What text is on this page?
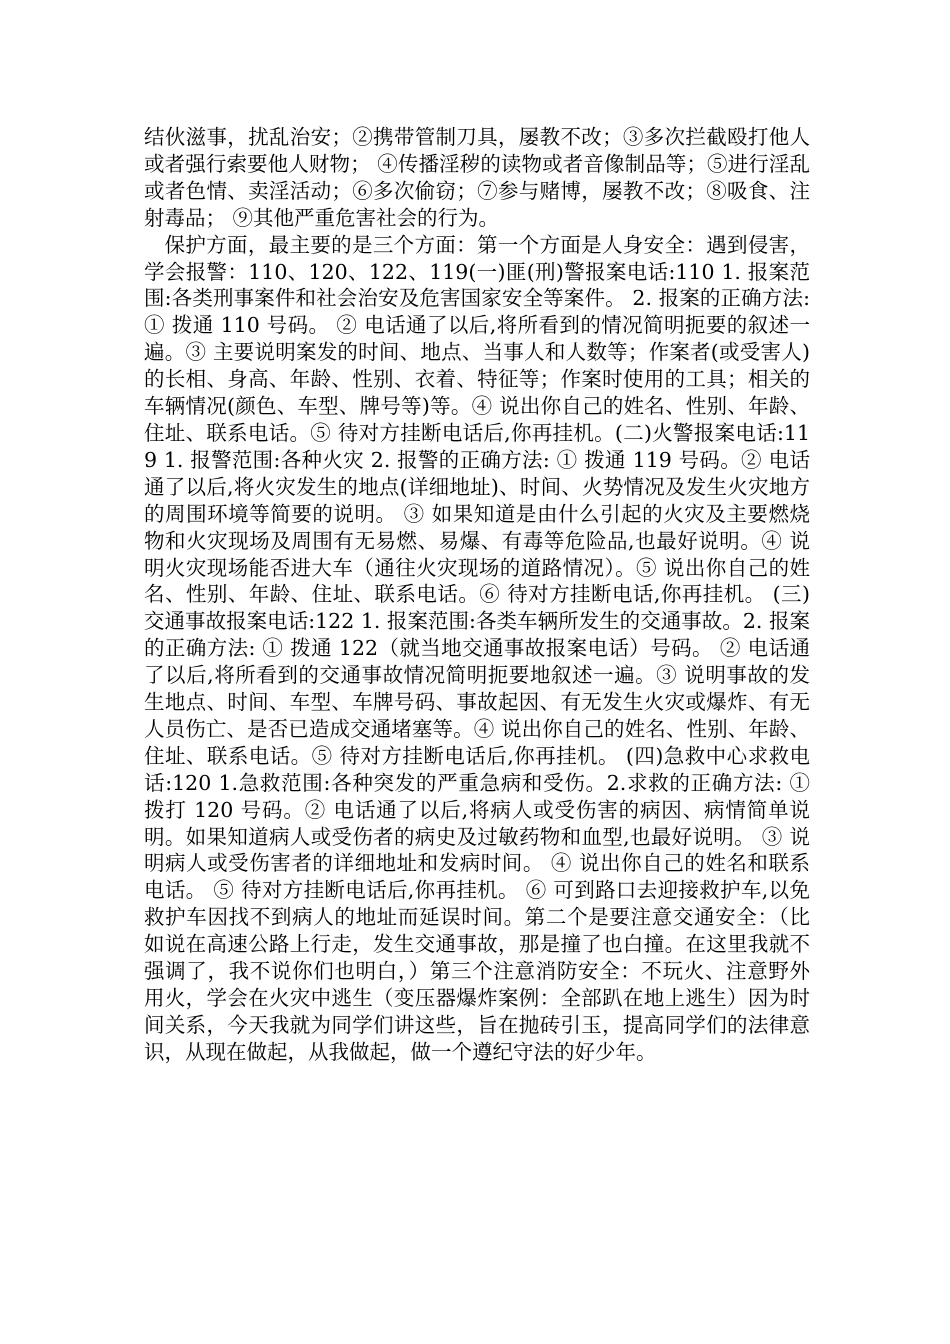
结伙滋事，扰乱治安；②携带管制刀具，屡教不改；③多次拦截殴打他人或者强行索要他人财物； ④传播淫秽的读物或者音像制品等；⑤进行淫乱或者色情、卖淫活动；⑥多次偷窃；⑦参与赌博，屡教不改；⑧吸食、注射毒品； ⑨其他严重危害社会的行为。

保护方面，最主要的是三个方面：第一个方面是人身安全：遇到侵害，学会报警：110、120、122、119(一)匪(刑)警报案电话:110 1. 报案范围:各类刑事案件和社会治安及危害国家安全等案件。 2. 报案的正确方法: ① 拨通 110 号码。 ② 电话通了以后,将所看到的情况简明扼要的叙述一遍。③ 主要说明案发的时间、地点、当事人和人数等；作案者(或受害人)的长相、身高、年龄、性别、衣着、特征等；作案时使用的工具；相关的车辆情况(颜色、车型、牌号等)等。④ 说出你自己的姓名、性别、年龄、住址、联系电话。⑤ 待对方挂断电话后,你再挂机。(二)火警报案电话:119 1. 报警范围:各种火灾 2. 报警的正确方法: ① 拨通 119 号码。② 电话通了以后,将火灾发生的地点(详细地址)、时间、火势情况及发生火灾地方的周围环境等简要的说明。 ③ 如果知道是由什么引起的火灾及主要燃烧物和火灾现场及周围有无易燃、易爆、有毒等危险品,也最好说明。④ 说明火灾现场能否进大车（通往火灾现场的道路情况）。⑤ 说出你自己的姓名、性别、年龄、住址、联系电话。⑥ 待对方挂断电话,你再挂机。 (三)交通事故报案电话:122 1. 报案范围:各类车辆所发生的交通事故。2. 报案的正确方法: ① 拨通 122（就当地交通事故报案电话）号码。 ② 电话通了以后,将所看到的交通事故情况简明扼要地叙述一遍。③ 说明事故的发生地点、时间、车型、车牌号码、事故起因、有无发生火灾或爆炸、有无人员伤亡、是否已造成交通堵塞等。④ 说出你自己的姓名、性别、年龄、住址、联系电话。⑤ 待对方挂断电话后,你再挂机。 (四)急救中心求救电话:120 1.急救范围:各种突发的严重急病和受伤。2.求救的正确方法: ① 拨打 120 号码。② 电话通了以后,将病人或受伤害的病因、病情简单说明。如果知道病人或受伤者的病史及过敏药物和血型,也最好说明。 ③ 说明病人或受伤害者的详细地址和发病时间。 ④ 说出你自己的姓名和联系电话。 ⑤ 待对方挂断电话后,你再挂机。 ⑥ 可到路口去迎接救护车,以免救护车因找不到病人的地址而延误时间。第二个是要注意交通安全：（比如说在高速公路上行走，发生交通事故，那是撞了也白撞。在这里我就不强调了，我不说你们也明白，）第三个注意消防安全：不玩火、注意野外用火，学会在火灾中逃生（变压器爆炸案例：全部趴在地上逃生）因为时间关系，今天我就为同学们讲这些，旨在抛砖引玉，提高同学们的法律意识，从现在做起，从我做起，做一个遵纪守法的好少年。
